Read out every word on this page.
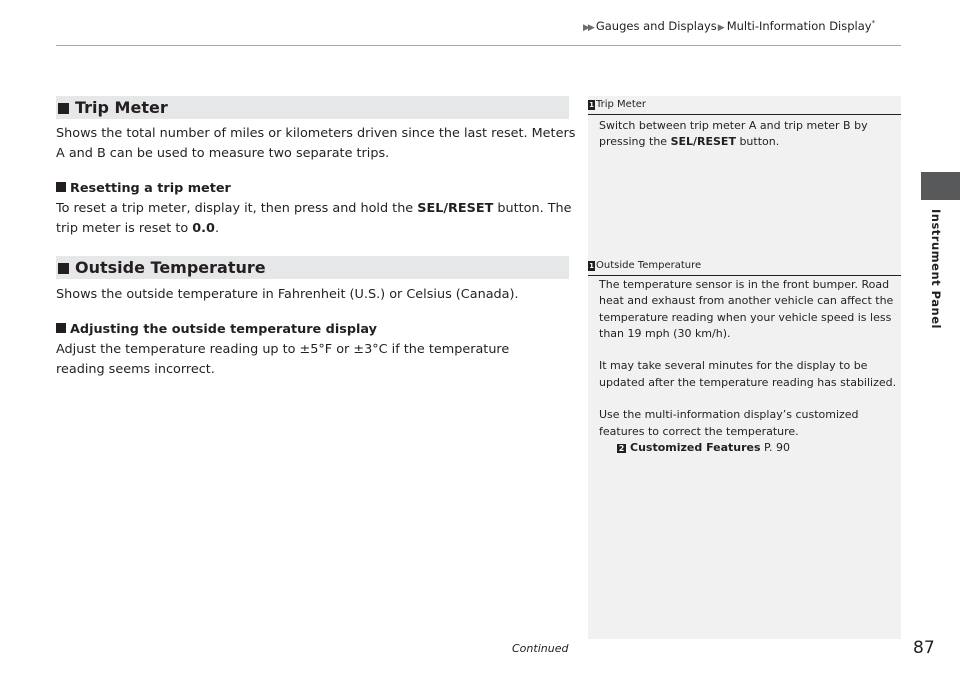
▶▶ Gauges and Displays▶ Multi-Information Display*
Instrument Panel
Trip Meter

Shows the total number of miles or kilometers driven since the last reset. Meters A and B can be used to measure two separate trips.

Resetting a trip meter

To reset a trip meter, display it, then press and hold the SEL/RESET button. The trip meter is reset to 0.0.

Outside Temperature

Shows the outside temperature in Fahrenheit (U.S.) or Celsius (Canada).

Adjusting the outside temperature display

Adjust the temperature reading up to ±5°F or ±3°C if the temperature reading seems incorrect.

1 Trip Meter

Switch between trip meter A and trip meter B by pressing the SEL/RESET button.

1 Outside Temperature

The temperature sensor is in the front bumper. Road heat and exhaust from another vehicle can affect the temperature reading when your vehicle speed is less than 19 mph (30 km/h).

It may take several minutes for the display to be updated after the temperature reading has stabilized.

Use the multi-information display’s customized features to correct the temperature.

2 Customized Features P. 90

Continued	87
